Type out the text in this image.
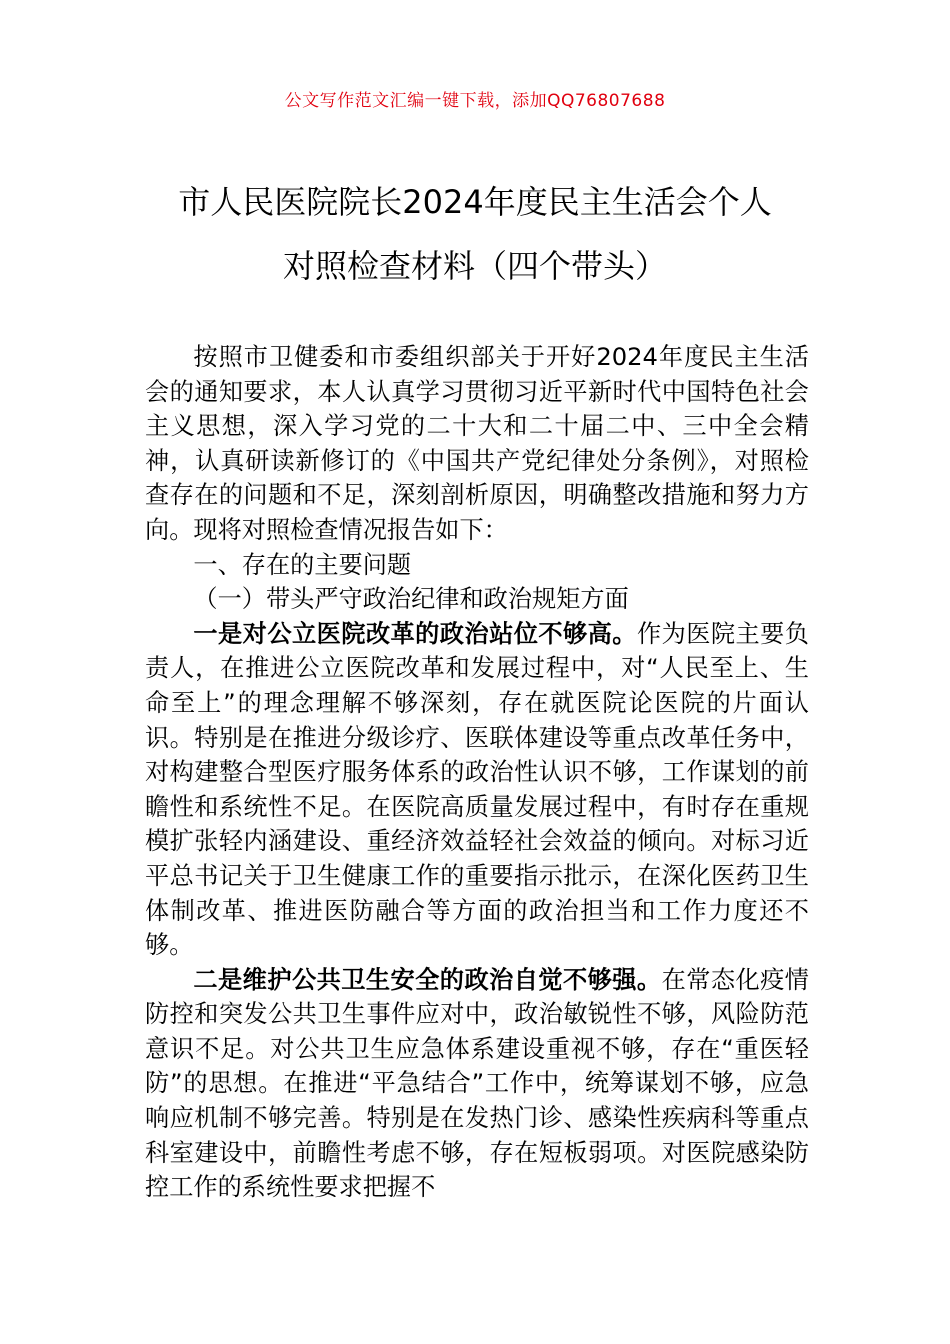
公文写作范文汇编一键下载，添加QQ76807688
市人民医院院长2024年度民主生活会个人
对照检查材料（四个带头）

按照市卫健委和市委组织部关于开好2024年度民主生活会的通知要求，本人认真学习贯彻习近平新时代中国特色社会主义思想，深入学习党的二十大和二十届二中、三中全会精神，认真研读新修订的《中国共产党纪律处分条例》，对照检查存在的问题和不足，深刻剖析原因，明确整改措施和努力方向。现将对照检查情况报告如下：

一、存在的主要问题

（一）带头严守政治纪律和政治规矩方面

一是对公立医院改革的政治站位不够高。作为医院主要负责人，在推进公立医院改革和发展过程中，对“人民至上、生命至上”的理念理解不够深刻，存在就医院论医院的片面认识。特别是在推进分级诊疗、医联体建设等重点改革任务中，对构建整合型医疗服务体系的政治性认识不够，工作谋划的前瞻性和系统性不足。在医院高质量发展过程中，有时存在重规模扩张轻内涵建设、重经济效益轻社会效益的倾向。对标习近平总书记关于卫生健康工作的重要指示批示，在深化医药卫生体制改革、推进医防融合等方面的政治担当和工作力度还不够。

二是维护公共卫生安全的政治自觉不够强。在常态化疫情防控和突发公共卫生事件应对中，政治敏锐性不够，风险防范意识不足。对公共卫生应急体系建设重视不够，存在“重医轻防”的思想。在推进“平急结合”工作中，统筹谋划不够，应急响应机制不够完善。特别是在发热门诊、感染性疾病科等重点科室建设中，前瞻性考虑不够，存在短板弱项。对医院感染防控工作的系统性要求把握不
